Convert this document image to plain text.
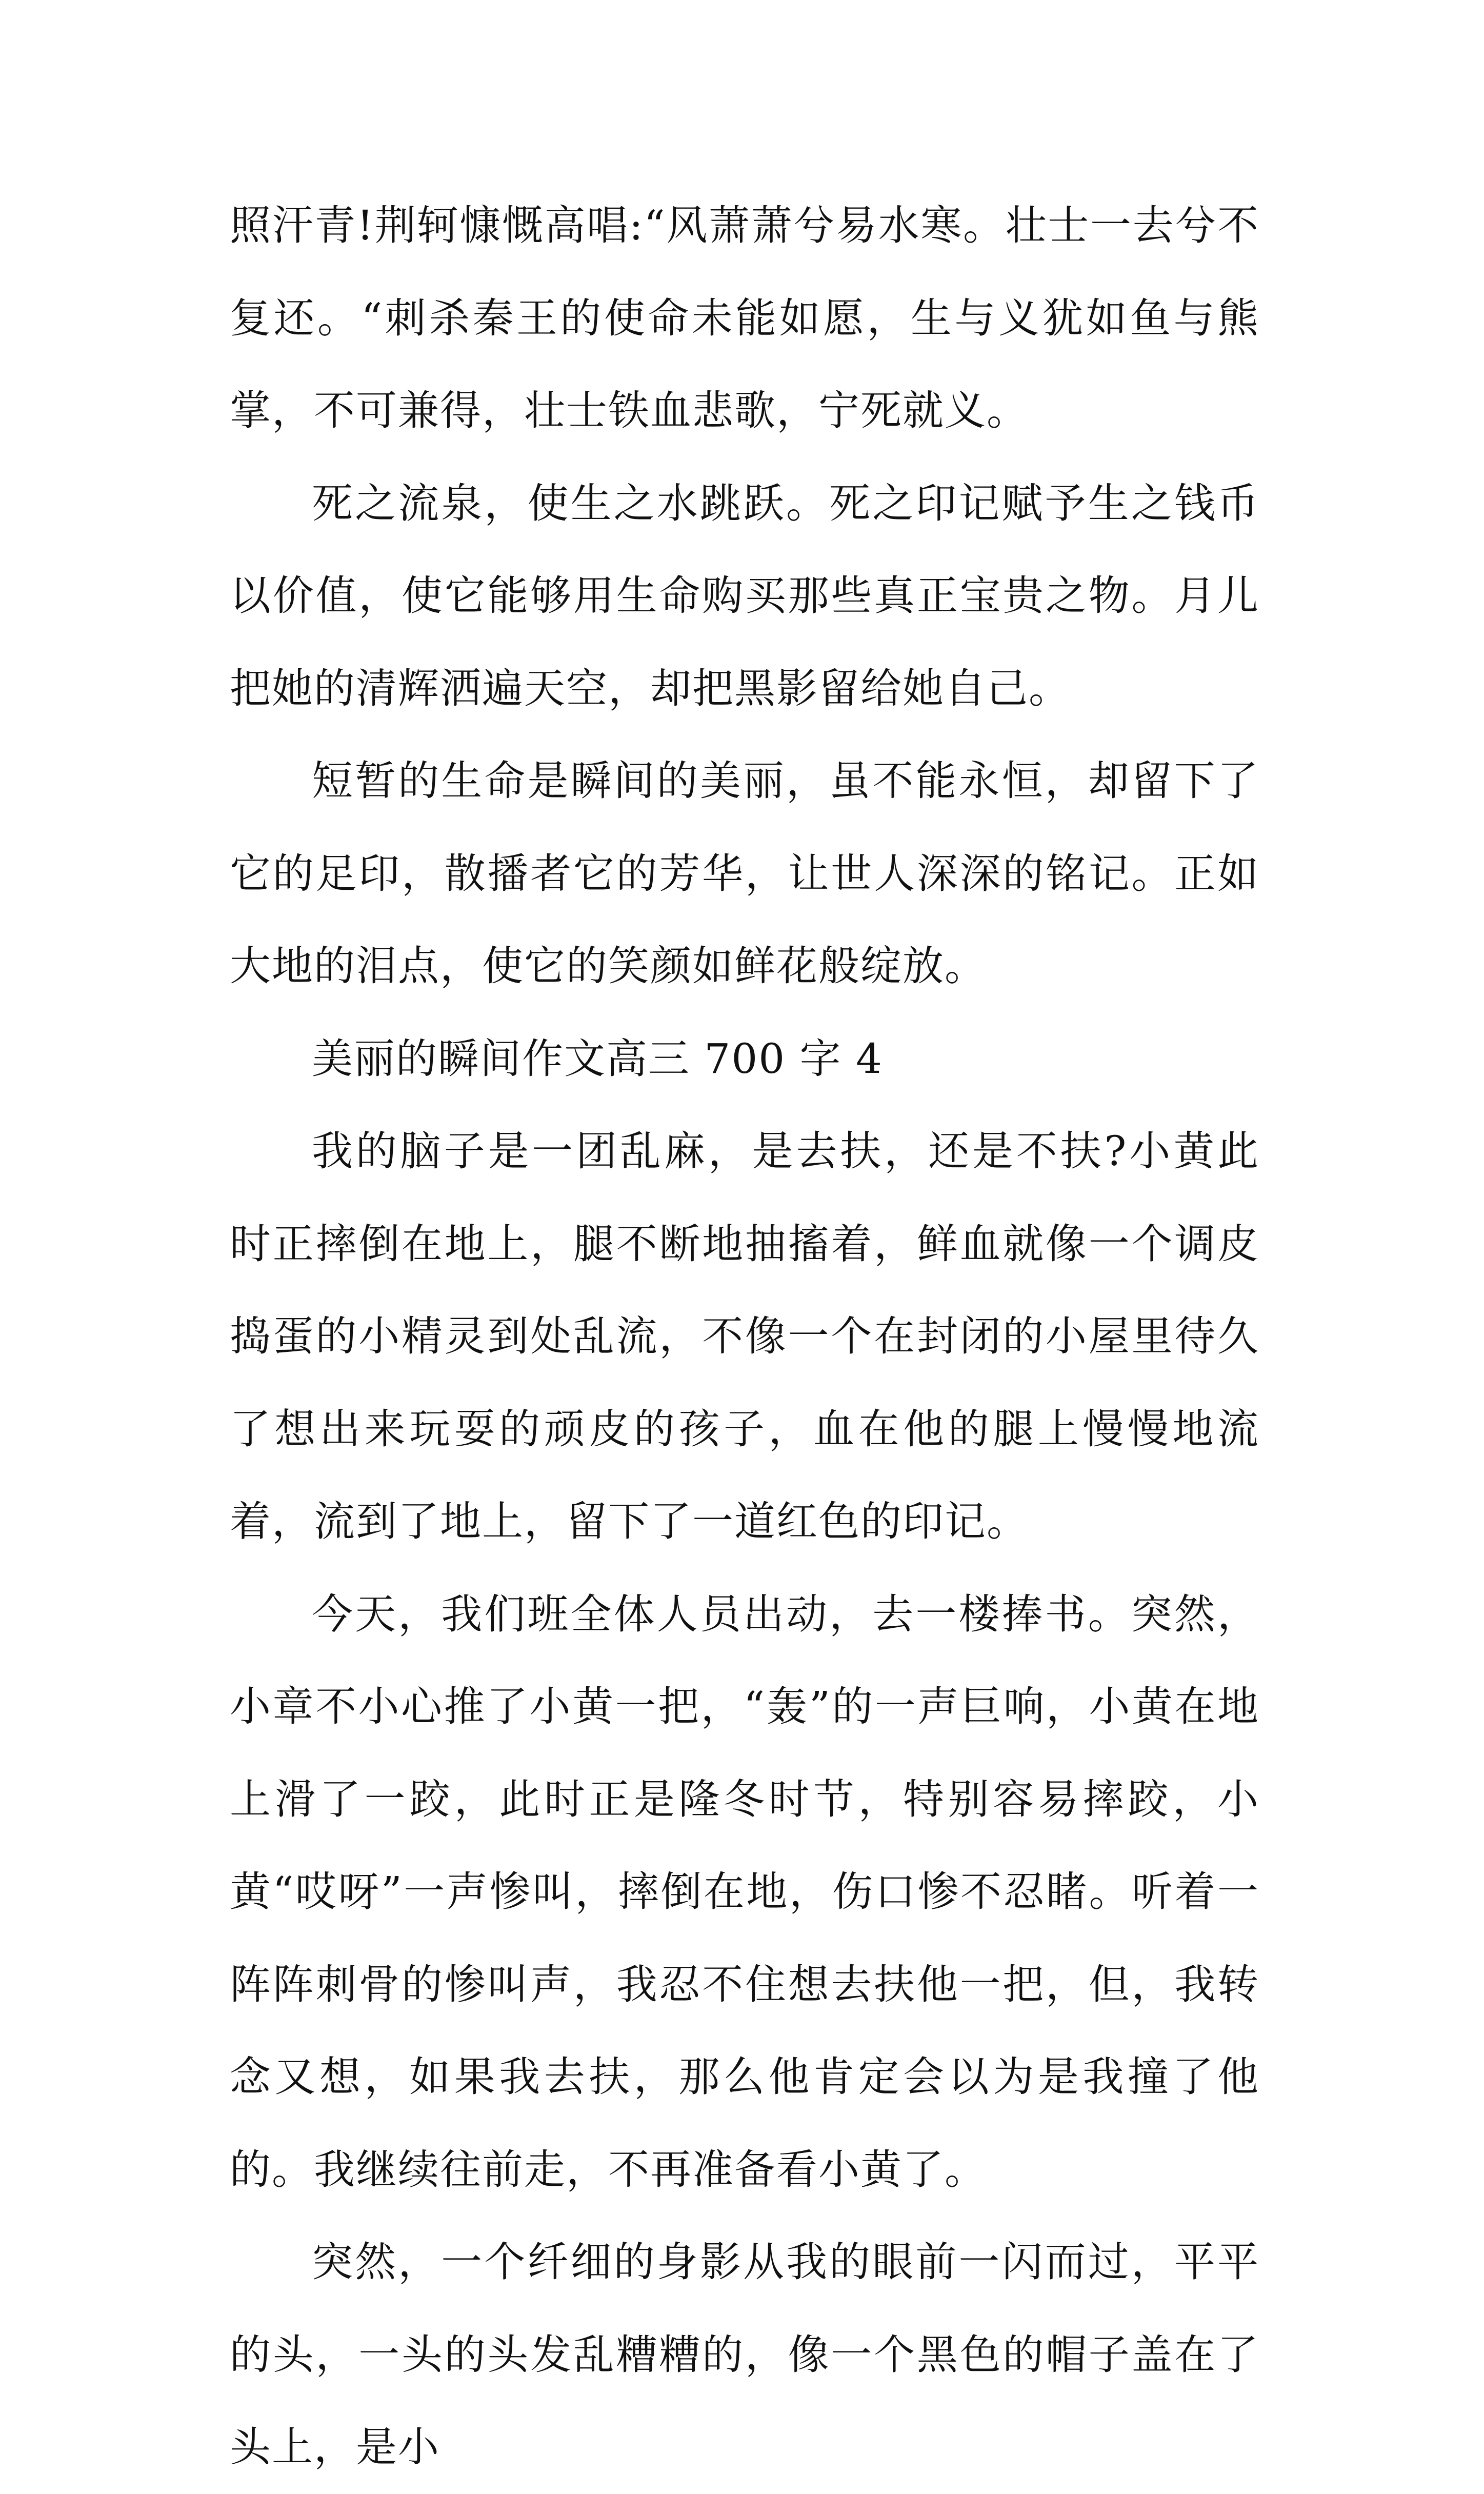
照汗青!荆轲慷慨高唱:“风萧萧兮易水寒。壮士一去兮不复还。“刺杀秦王的使命未能如愿，生与义犹如鱼与熊掌，不可兼得，壮士铁血悲歌，宁死就义。

死之流泉，使生之水跳跃。死之印记赋予生之钱币以价值，使它能够用生命购买那些真正宝贵之物。月儿把她的清辉洒遍天空，却把黑影留给她自己。

短暂的生命是瞬间的美丽，虽不能永恒，却留下了它的足印，散播者它的芳华，让世人深深的铭记。正如大地的泪点，使它的笑颜如鲜花般绽放。

美丽的瞬间作文高三 700 字 4

我的脑子是一团乱麻，是去扶，还是不扶?小黄此时正摔倒在地上，腿不断地抽搐着，鲜血就像一个调皮捣蛋的小精灵到处乱流，不像一个在封闭的小屋里待久了想出来玩耍的顽皮的孩子，血在他的腿上慢慢地流着，流到了地上，留下了一道红色的印记。

今天，我们班全体人员出动，去一楼捧书。突然，小章不小心推了小黄一把，“轰”的一声巨响，小黄在地上滑了一跤，此时正是隆冬时节，特别容易摔跤，小黄“哎呀”一声惨叫，摔倒在地，伤口惨不忍睹。听着一阵阵刺骨的惨叫声，我忍不住想去扶他一把，但，我转念又想，如果我去扶，那么他肯定会以为是我撞了他的。我继续往前走，不再准备看小黄了。

突然，一个纤细的身影从我的眼前一闪而过，平平的头，一头的头发乱糟糟的，像一个黑色的帽子盖在了头上，是小
